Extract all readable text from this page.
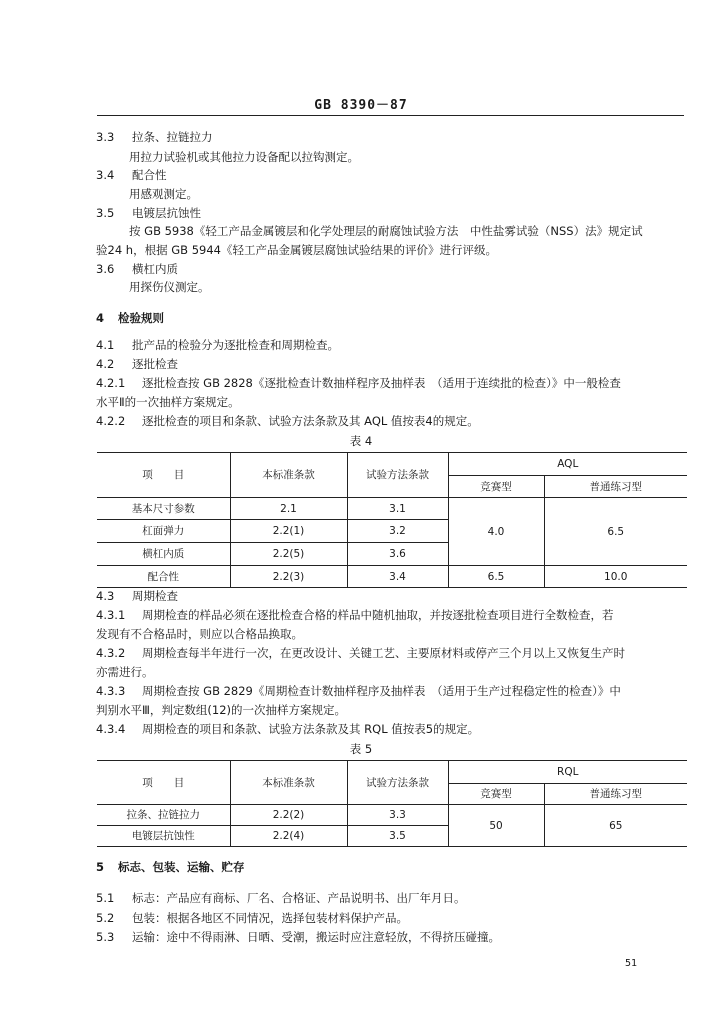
GB 8390－87
3.3 拉条、拉链拉力
用拉力试验机或其他拉力设备配以拉钩测定。
3.4 配合性
用感观测定。
3.5 电镀层抗蚀性
按 GB 5938《轻工产品金属镀层和化学处理层的耐腐蚀试验方法　中性盐雾试验（NSS）法》规定试
验24 h，根据 GB 5944《轻工产品金属镀层腐蚀试验结果的评价》进行评级。
3.6 横杠内质
用探伤仪测定。
4 检验规则
4.1 批产品的检验分为逐批检查和周期检查。
4.2 逐批检查
4.2.1 逐批检查按 GB 2828《逐批检查计数抽样程序及抽样表　（适用于连续批的检查）》中一般检查
水平Ⅱ的一次抽样方案规定。
4.2.2 逐批检查的项目和条款、试验方法条款及其 AQL 值按表4的规定。
表 4
项　　目	本标准条款	试验方法条款	AQL	
			竞赛型	普通练习型
基本尺寸参数	2.1	3.1	4.0	6.5
杠面弹力	2.2(1)	3.2		
横杠内质	2.2(5)	3.6		
配合性	2.2(3)	3.4	6.5	10.0
4.3 周期检查
4.3.1 周期检查的样品必须在逐批检查合格的样品中随机抽取，并按逐批检查项目进行全数检查，若
发现有不合格品时，则应以合格品换取。
4.3.2 周期检查每半年进行一次，在更改设计、关键工艺、主要原材料或停产三个月以上又恢复生产时
亦需进行。
4.3.3 周期检查按 GB 2829《周期检查计数抽样程序及抽样表　（适用于生产过程稳定性的检查）》中
判别水平Ⅲ，判定数组(12)的一次抽样方案规定。
4.3.4 周期检查的项目和条款、试验方法条款及其 RQL 值按表5的规定。
表 5
项　　目	本标准条款	试验方法条款	RQL	
			竞赛型	普通练习型
拉条、拉链拉力	2.2(2)	3.3	50	65
电镀层抗蚀性	2.2(4)	3.5		
5 标志、包装、运输、贮存
5.1 标志：产品应有商标、厂名、合格证、产品说明书、出厂年月日。
5.2 包装：根据各地区不同情况，选择包装材料保护产品。
5.3 运输：途中不得雨淋、日晒、受潮，搬运时应注意轻放，不得挤压碰撞。
51
